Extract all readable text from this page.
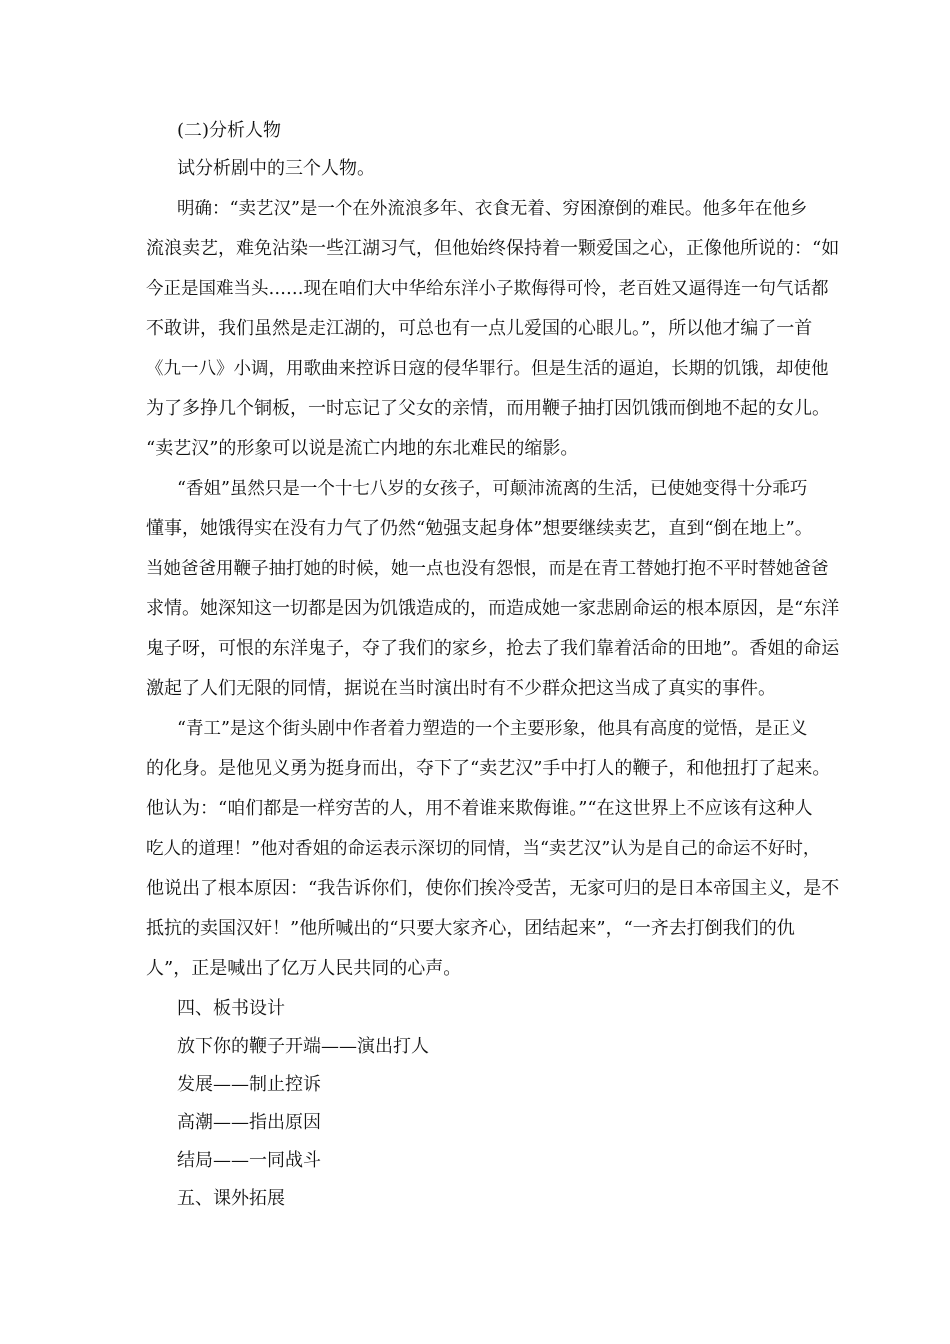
(二)分析人物
试分析剧中的三个人物。
明确：“卖艺汉”是一个在外流浪多年、衣食无着、穷困潦倒的难民。他多年在他乡
流浪卖艺，难免沾染一些江湖习气，但他始终保持着一颗爱国之心，正像他所说的：“如
今正是国难当头……现在咱们大中华给东洋小子欺侮得可怜，老百姓又逼得连一句气话都
不敢讲，我们虽然是走江湖的，可总也有一点儿爱国的心眼儿。”，所以他才编了一首
《九一八》小调，用歌曲来控诉日寇的侵华罪行。但是生活的逼迫，长期的饥饿，却使他
为了多挣几个铜板，一时忘记了父女的亲情，而用鞭子抽打因饥饿而倒地不起的女儿。
“卖艺汉”的形象可以说是流亡内地的东北难民的缩影。
“香姐”虽然只是一个十七八岁的女孩子，可颠沛流离的生活，已使她变得十分乖巧
懂事，她饿得实在没有力气了仍然“勉强支起身体”想要继续卖艺，直到“倒在地上”。
当她爸爸用鞭子抽打她的时候，她一点也没有怨恨，而是在青工替她打抱不平时替她爸爸
求情。她深知这一切都是因为饥饿造成的，而造成她一家悲剧命运的根本原因，是“东洋
鬼子呀，可恨的东洋鬼子，夺了我们的家乡，抢去了我们靠着活命的田地”。香姐的命运
激起了人们无限的同情，据说在当时演出时有不少群众把这当成了真实的事件。
“青工”是这个街头剧中作者着力塑造的一个主要形象，他具有高度的觉悟，是正义
的化身。是他见义勇为挺身而出，夺下了“卖艺汉”手中打人的鞭子，和他扭打了起来。
他认为：“咱们都是一样穷苦的人，用不着谁来欺侮谁。”“在这世界上不应该有这种人
吃人的道理！”他对香姐的命运表示深切的同情，当“卖艺汉”认为是自己的命运不好时，
他说出了根本原因：“我告诉你们，使你们挨冷受苦，无家可归的是日本帝国主义，是不
抵抗的卖国汉奸！”他所喊出的“只要大家齐心，团结起来”，“一齐去打倒我们的仇
人”，正是喊出了亿万人民共同的心声。
四、板书设计
放下你的鞭子开端——演出打人
发展——制止控诉
高潮——指出原因
结局——一同战斗
五、课外拓展
